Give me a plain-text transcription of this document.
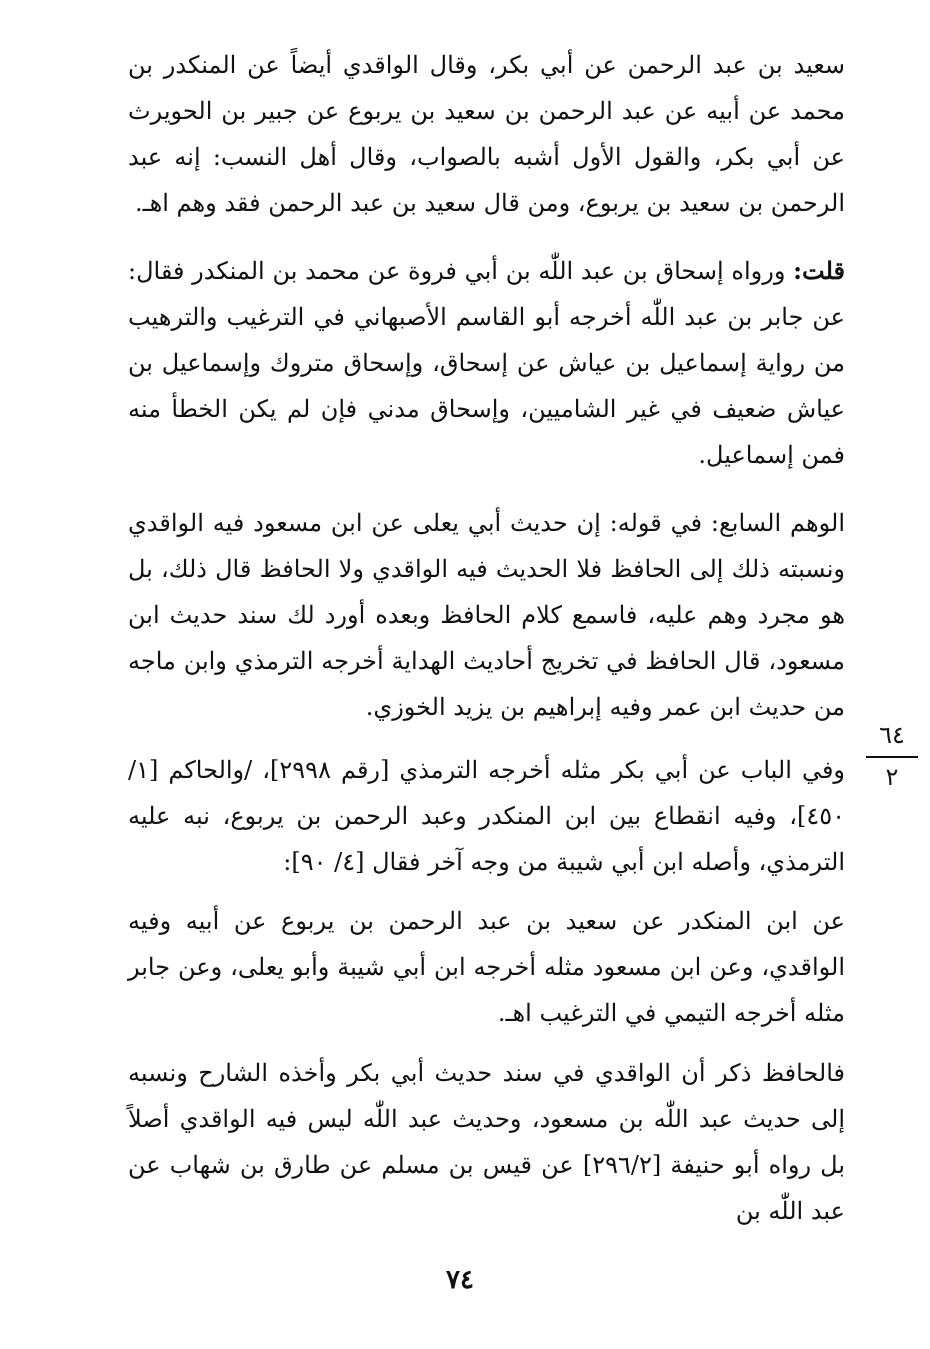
سعيد بن عبد الرحمن عن أبي بكر، وقال الواقدي أيضاً عن المنكدر بن محمد عن أبيه عن عبد الرحمن بن سعيد بن يربوع عن جبير بن الحويرث عن أبي بكر، والقول الأول أشبه بالصواب، وقال أهل النسب: إنه عبد الرحمن بن سعيد بن يربوع، ومن قال سعيد بن عبد الرحمن فقد وهم اهـ.

قلت: ورواه إسحاق بن عبد اللّٰه بن أبي فروة عن محمد بن المنكدر فقال: عن جابر بن عبد اللّٰه أخرجه أبو القاسم الأصبهاني في الترغيب والترهيب من رواية إسماعيل بن عياش عن إسحاق، وإسحاق متروك وإسماعيل بن عياش ضعيف في غير الشاميين، وإسحاق مدني فإن لم يكن الخطأ منه فمن إسماعيل.

الوهم السابع: في قوله: إن حديث أبي يعلى عن ابن مسعود فيه الواقدي ونسبته ذلك إلى الحافظ فلا الحديث فيه الواقدي ولا الحافظ قال ذلك، بل هو مجرد وهم عليه، فاسمع كلام الحافظ وبعده أورد لك سند حديث ابن مسعود، قال الحافظ في تخريج أحاديث الهداية أخرجه الترمذي وابن ماجه من حديث ابن عمر وفيه إبراهيم بن يزيد الخوزي.

وفي الباب عن أبي بكر مثله أخرجه الترمذي [رقم ٢٩٩٨]، /والحاكم [١/ ٤٥٠]، وفيه انقطاع بين ابن المنكدر وعبد الرحمن بن يربوع، نبه عليه الترمذي، وأصله ابن أبي شيبة من وجه آخر فقال [٤/ ٩٠]:

عن ابن المنكدر عن سعيد بن عبد الرحمن بن يربوع عن أبيه وفيه الواقدي، وعن ابن مسعود مثله أخرجه ابن أبي شيبة وأبو يعلى، وعن جابر مثله أخرجه التيمي في الترغيب اهـ.

فالحافظ ذكر أن الواقدي في سند حديث أبي بكر وأخذه الشارح ونسبه إلى حديث عبد اللّٰه بن مسعود، وحديث عبد اللّٰه ليس فيه الواقدي أصلاً بل رواه أبو حنيفة [٢٩٦/٢] عن قيس بن مسلم عن طارق بن شهاب عن عبد اللّٰه بن

٦٤
٢
٧٤
